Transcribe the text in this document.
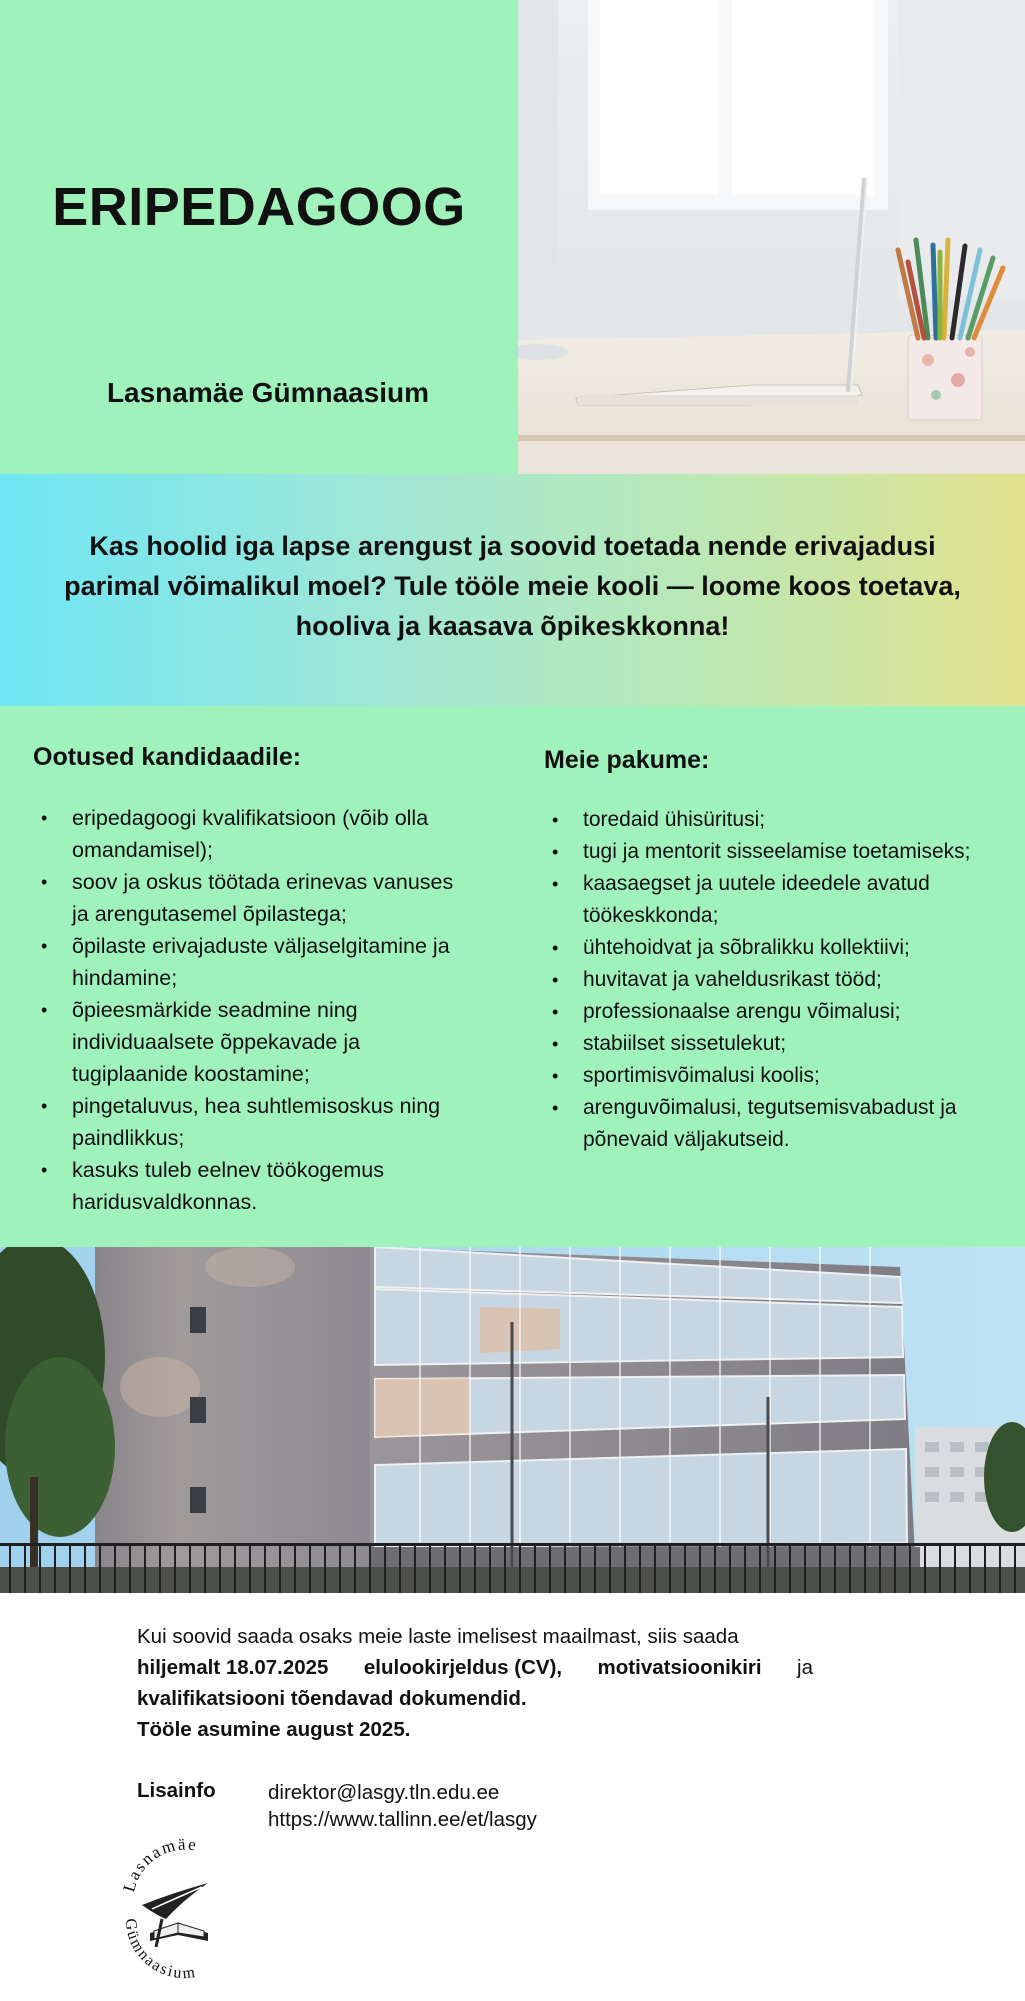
ERIPEDAGOOG

Lasnamäe Gümnaasium

Kas hoolid iga lapse arengust ja soovid toetada nende erivajadusi parimal võimalikul moel? Tule tööle meie kooli — loome koos toetava, hooliva ja kaasava õpikeskkonna!

Ootused kandidaadile:
• eripedagoogi kvalifikatsioon (võib olla omandamisel);
• soov ja oskus töötada erinevas vanuses ja arengutasemel õpilastega;
• õpilaste erivajaduste väljaselgitamine ja hindamine;
• õpieesmärkide seadmine ning individuaalsete õppekavade ja tugiplaanide koostamine;
• pingetaluvus, hea suhtlemisoskus ning paindlikkus;
• kasuks tuleb eelnev töökogemus haridusvaldkonnas.
Meie pakume:
• toredaid ühisüritusi;
• tugi ja mentorit sisseelamise toetamiseks;
• kaasaegset ja uutele ideedele avatud töökeskkonda;
• ühtehoidvat ja sõbralikku kollektiivi;
• huvitavat ja vaheldusrikast tööd;
• professionaalse arengu võimalusi;
• stabiilset sissetulekut;
• sportimisvõimalusi koolis;
• arenguvõimalusi, tegutsemisvabadust ja põnevaid väljakutseid.
Kui soovid saada osaks meie laste imelisest maailmast, siis saada
hiljemalt 18.07.2025 elulookirjeldus (CV), motivatsioonikiri ja
kvalifikatsiooni tõendavad dokumendid.
Tööle asumine august 2025.
Lisainfo	direktor@lasgy.tln.edu.ee
https://www.tallinn.ee/et/lasgy
Lasnamäe
Gümnaasium
